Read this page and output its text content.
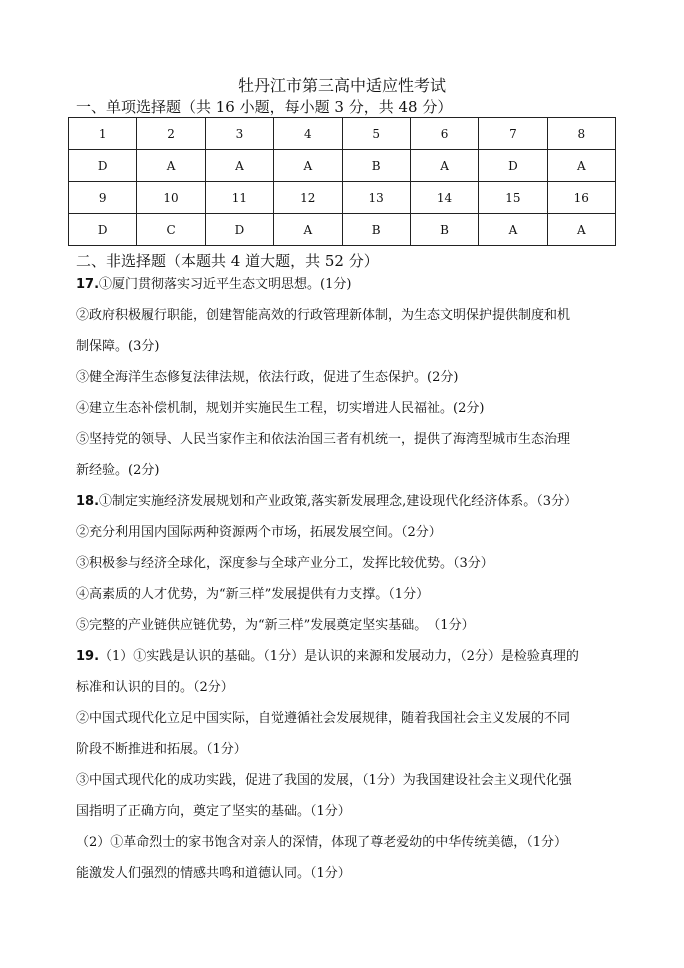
牡丹江市第三高中适应性考试
一、单项选择题（共 16 小题，每小题 3 分，共 48 分）
1	2	3	4	5	6	7	8
D	A	A	A	B	A	D	A
9	10	11	12	13	14	15	16
D	C	D	A	B	B	A	A
二、非选择题（本题共 4 道大题，共 52 分）
17.①厦门贯彻落实习近平生态文明思想。(1分)
②政府积极履行职能，创建智能高效的行政管理新体制，为生态文明保护提供制度和机
制保障。(3分)
③健全海洋生态修复法律法规，依法行政，促进了生态保护。(2分)
④建立生态补偿机制，规划并实施民生工程，切实增进人民福祉。(2分)
⑤坚持党的领导、人民当家作主和依法治国三者有机统一，提供了海湾型城市生态治理
新经验。(2分)
18.①制定实施经济发展规划和产业政策,落实新发展理念,建设现代化经济体系。（3分）
②充分利用国内国际两种资源两个市场，拓展发展空间。（2分）
③积极参与经济全球化，深度参与全球产业分工，发挥比较优势。（3分）
④高素质的人才优势，为“新三样”发展提供有力支撑。（1分）
⑤完整的产业链供应链优势，为“新三样”发展奠定坚实基础。　（1分）
19.（1）①实践是认识的基础。（1分）是认识的来源和发展动力，（2分）是检验真理的
标准和认识的目的。（2分）
②中国式现代化立足中国实际，自觉遵循社会发展规律，随着我国社会主义发展的不同
阶段不断推进和拓展。（1分）
③中国式现代化的成功实践，促进了我国的发展，（1分）为我国建设社会主义现代化强
国指明了正确方向，奠定了坚实的基础。（1分）
（2）①革命烈士的家书饱含对亲人的深情，体现了尊老爱幼的中华传统美德，（1分）
能激发人们强烈的情感共鸣和道德认同。（1分）
